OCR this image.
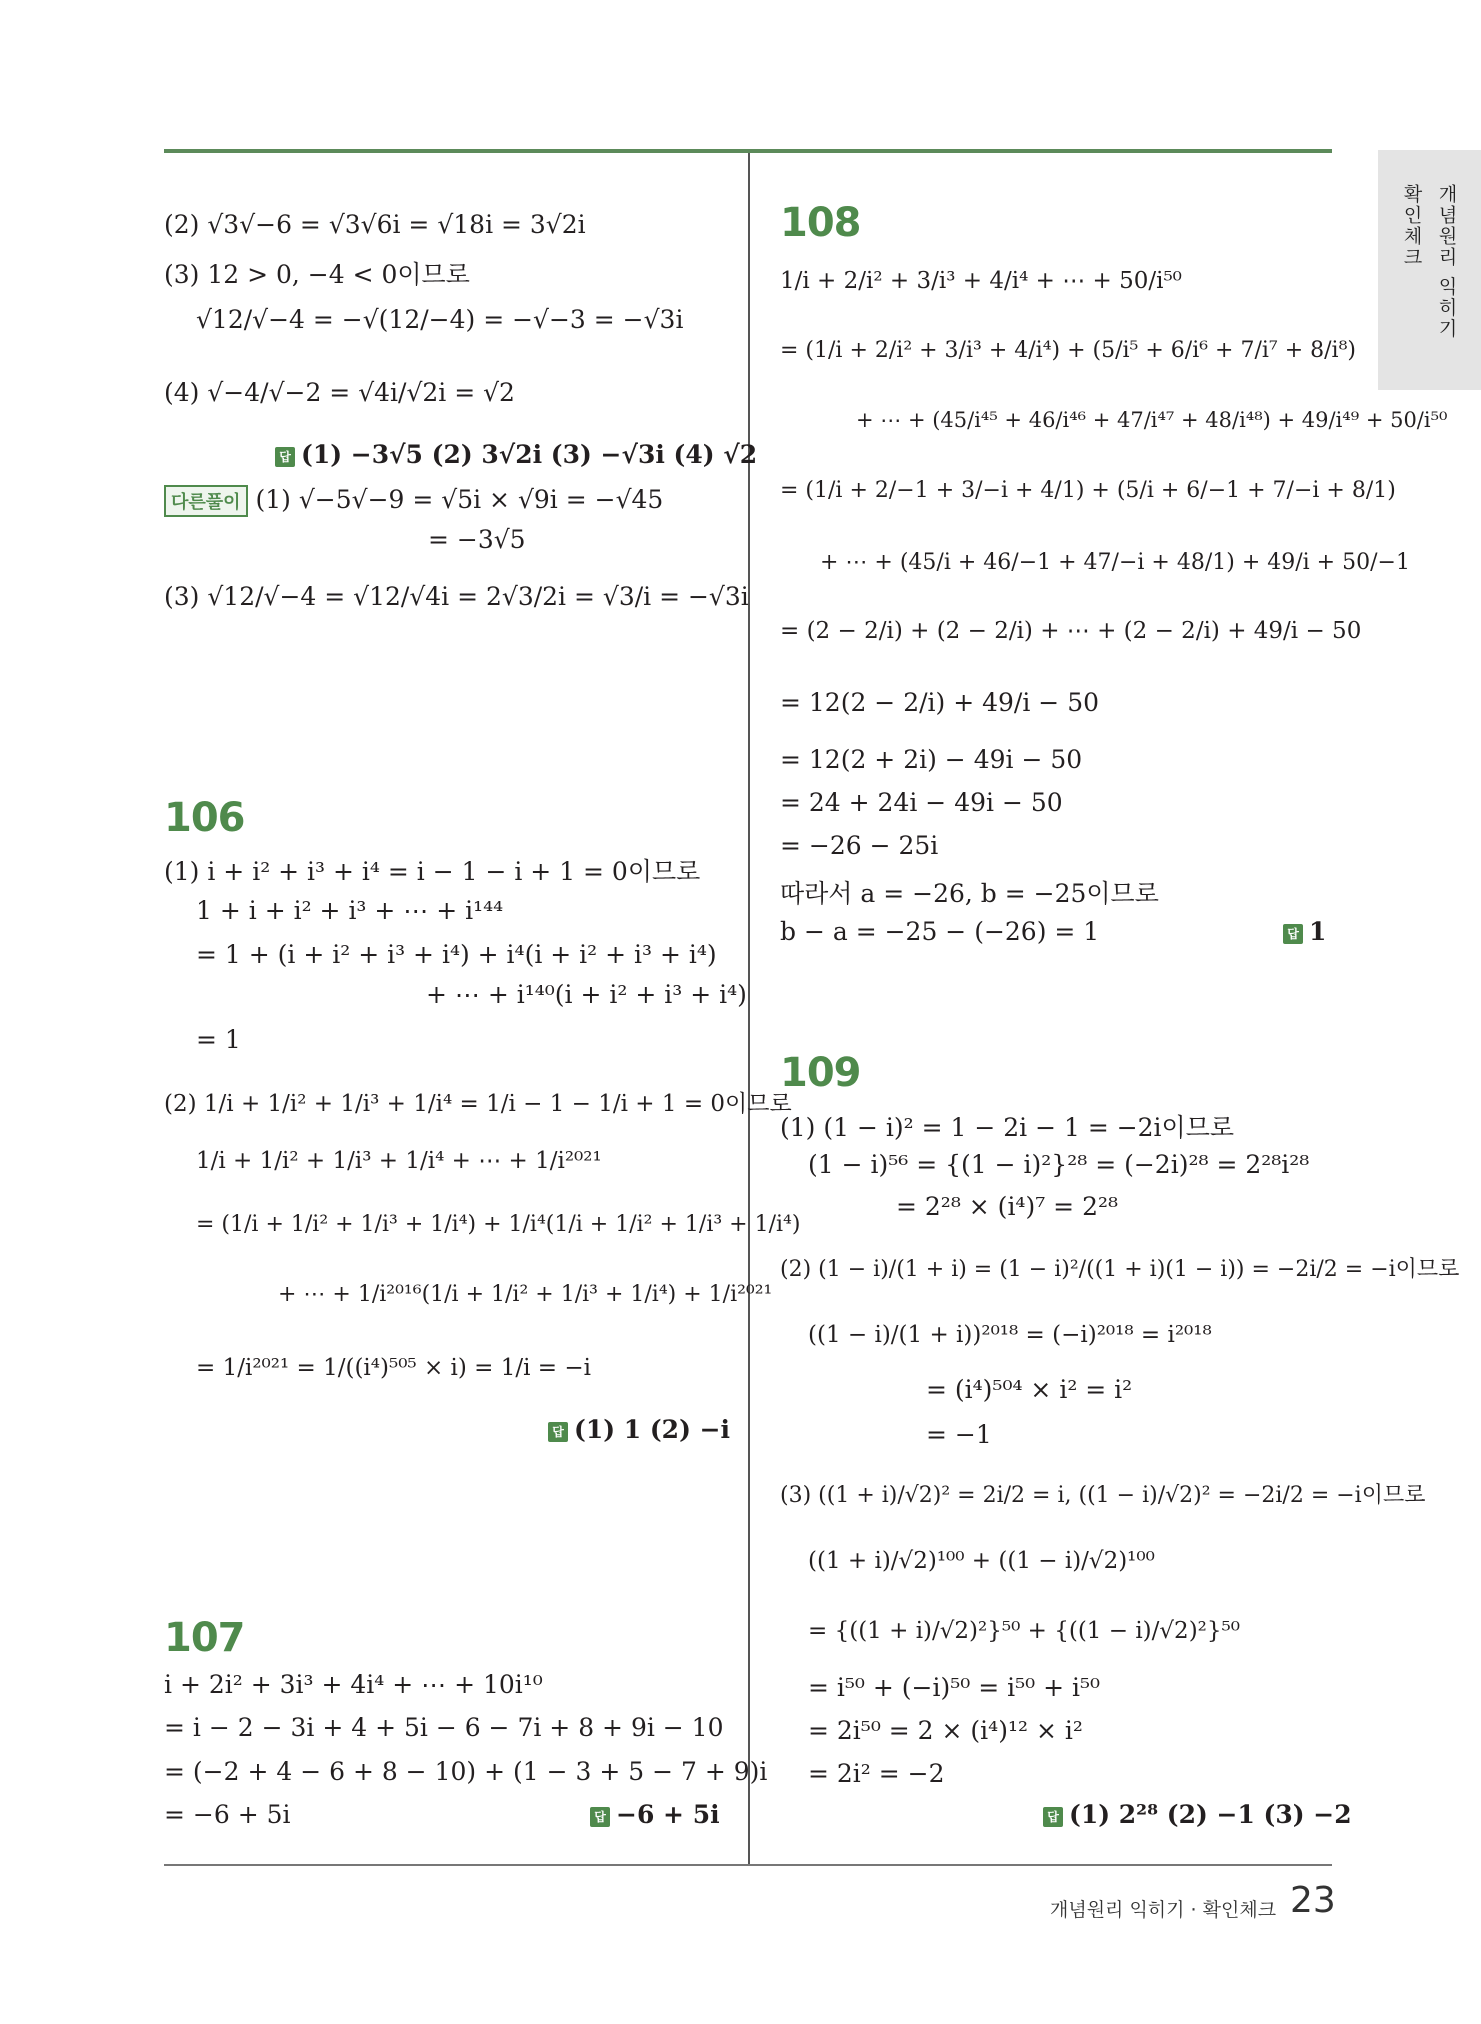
개념원리 익히기
확인체크
(2) √3√−6 = √3√6i = √18i = 3√2i
(3) 12 > 0, −4 < 0이므로
√12/√−4 = −√(12/−4) = −√−3 = −√3i
(4) √−4/√−2 = √4i/√2i = √2
답 (1) −3√5 (2) 3√2i (3) −√3i (4) √2
다른풀이 (1) √−5√−9 = √5i × √9i = −√45
= −3√5
(3) √12/√−4 = √12/√4i = 2√3/2i = √3/i = −√3i
106
(1) i + i² + i³ + i⁴ = i − 1 − i + 1 = 0이므로
1 + i + i² + i³ + ⋯ + i¹⁴⁴
= 1 + (i + i² + i³ + i⁴) + i⁴(i + i² + i³ + i⁴)
+ ⋯ + i¹⁴⁰(i + i² + i³ + i⁴)
= 1
(2) 1/i + 1/i² + 1/i³ + 1/i⁴ = 1/i − 1 − 1/i + 1 = 0이므로
1/i + 1/i² + 1/i³ + 1/i⁴ + ⋯ + 1/i²⁰²¹
= (1/i + 1/i² + 1/i³ + 1/i⁴) + 1/i⁴(1/i + 1/i² + 1/i³ + 1/i⁴)
+ ⋯ + 1/i²⁰¹⁶(1/i + 1/i² + 1/i³ + 1/i⁴) + 1/i²⁰²¹
= 1/i²⁰²¹ = 1/((i⁴)⁵⁰⁵ × i) = 1/i = −i
답 (1) 1 (2) −i
107
i + 2i² + 3i³ + 4i⁴ + ⋯ + 10i¹⁰
= i − 2 − 3i + 4 + 5i − 6 − 7i + 8 + 9i − 10
= (−2 + 4 − 6 + 8 − 10) + (1 − 3 + 5 − 7 + 9)i
= −6 + 5i	답 −6 + 5i
108
1/i + 2/i² + 3/i³ + 4/i⁴ + ⋯ + 50/i⁵⁰
= (1/i + 2/i² + 3/i³ + 4/i⁴) + (5/i⁵ + 6/i⁶ + 7/i⁷ + 8/i⁸)
+ ⋯ + (45/i⁴⁵ + 46/i⁴⁶ + 47/i⁴⁷ + 48/i⁴⁸) + 49/i⁴⁹ + 50/i⁵⁰
= (1/i + 2/−1 + 3/−i + 4/1) + (5/i + 6/−1 + 7/−i + 8/1)
+ ⋯ + (45/i + 46/−1 + 47/−i + 48/1) + 49/i + 50/−1
= (2 − 2/i) + (2 − 2/i) + ⋯ + (2 − 2/i) + 49/i − 50
= 12(2 − 2/i) + 49/i − 50
= 12(2 + 2i) − 49i − 50
= 24 + 24i − 49i − 50
= −26 − 25i
따라서 a = −26, b = −25이므로
b − a = −25 − (−26) = 1	답 1
109
(1) (1 − i)² = 1 − 2i − 1 = −2i이므로
(1 − i)⁵⁶ = {(1 − i)²}²⁸ = (−2i)²⁸ = 2²⁸i²⁸
= 2²⁸ × (i⁴)⁷ = 2²⁸
(2) (1 − i)/(1 + i) = (1 − i)²/((1 + i)(1 − i)) = −2i/2 = −i이므로
((1 − i)/(1 + i))²⁰¹⁸ = (−i)²⁰¹⁸ = i²⁰¹⁸
= (i⁴)⁵⁰⁴ × i² = i²
= −1
(3) ((1 + i)/√2)² = 2i/2 = i, ((1 − i)/√2)² = −2i/2 = −i이므로
((1 + i)/√2)¹⁰⁰ + ((1 − i)/√2)¹⁰⁰
= {((1 + i)/√2)²}⁵⁰ + {((1 − i)/√2)²}⁵⁰
= i⁵⁰ + (−i)⁵⁰ = i⁵⁰ + i⁵⁰
= 2i⁵⁰ = 2 × (i⁴)¹² × i²
= 2i² = −2
답 (1) 2²⁸ (2) −1 (3) −2
개념원리 익히기 · 확인체크 23
